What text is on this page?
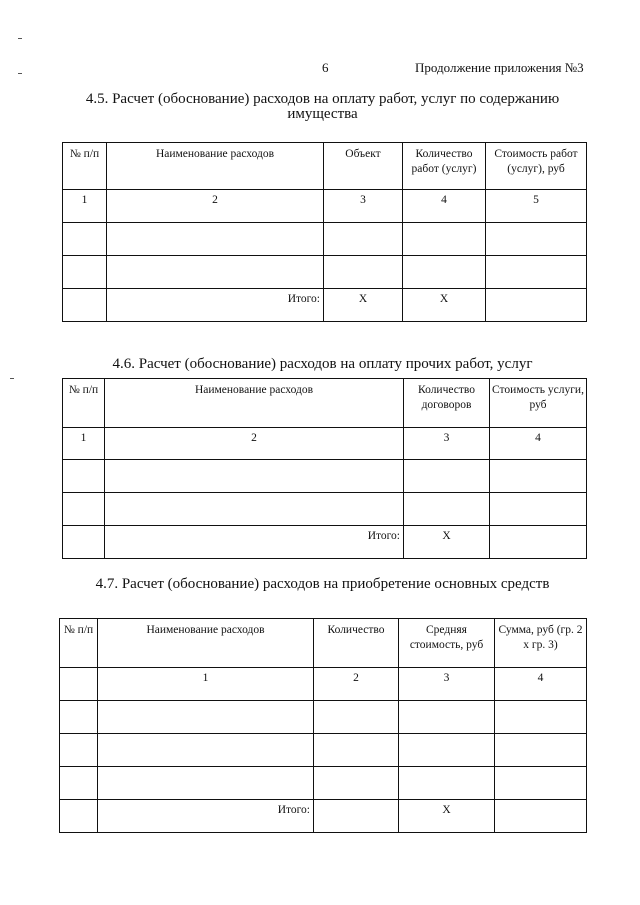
6	Продолжение приложения №3
4.5. Расчет (обоснование) расходов на оплату работ, услуг по содержанию
имущества
№ п/п	Наименование расходов	Объект	Количество работ (услуг)	Стоимость работ (услуг), руб
1	2	3	4	5

	Итого:	X	X	
4.6. Расчет (обоснование) расходов на оплату прочих работ, услуг
№ п/п	Наименование расходов	Количество договоров	Стоимость услуги, руб
1	2	3	4

	Итого:	X	
4.7. Расчет (обоснование) расходов на приобретение основных средств
№ п/п	Наименование расходов	Количество	Средняя стоимость, руб	Сумма, руб (гр. 2 х гр. 3)
	1	2	3	4

	Итого:		X	
